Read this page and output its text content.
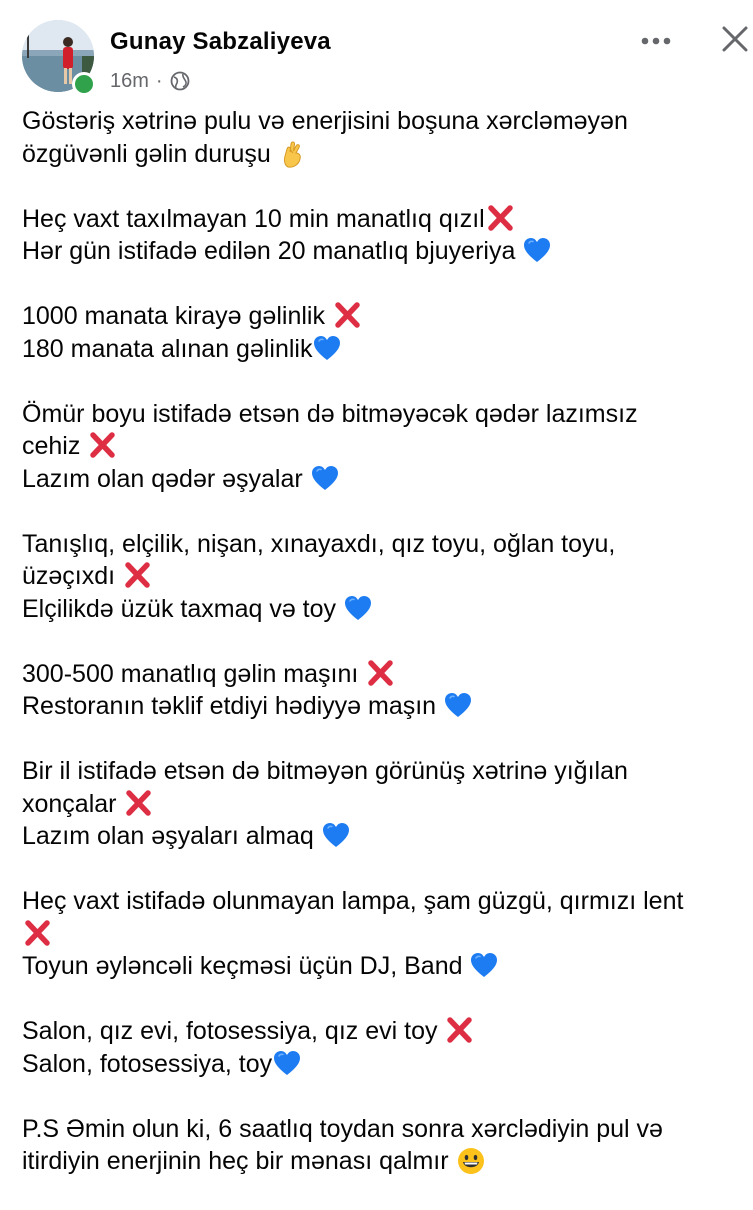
Gunay Sabzaliyeva
16m ·
Göstəriş xətrinə pulu və enerjisini boşuna xərcləməyən
özgüvənli gəlin duruşu
Heç vaxt taxılmayan 10 min manatlıq qızıl
Hər gün istifadə edilən 20 manatlıq bjuyeriya
1000 manata kirayə gəlinlik
180 manata alınan gəlinlik
Ömür boyu istifadə etsən də bitməyəcək qədər lazımsız
cehiz
Lazım olan qədər əşyalar
Tanışlıq, elçilik, nişan, xınayaxdı, qız toyu, oğlan toyu,
üzəçıxdı
Elçilikdə üzük taxmaq və toy
300-500 manatlıq gəlin maşını
Restoranın təklif etdiyi hədiyyə maşın
Bir il istifadə etsən də bitməyən görünüş xətrinə yığılan
xonçalar
Lazım olan əşyaları almaq
Heç vaxt istifadə olunmayan lampa, şam güzgü, qırmızı lent
Toyun əyləncəli keçməsi üçün DJ, Band
Salon, qız evi, fotosessiya, qız evi toy
Salon, fotosessiya, toy
P.S Əmin olun ki, 6 saatlıq toydan sonra xərclədiyin pul və
itirdiyin enerjinin heç bir mənası qalmır
